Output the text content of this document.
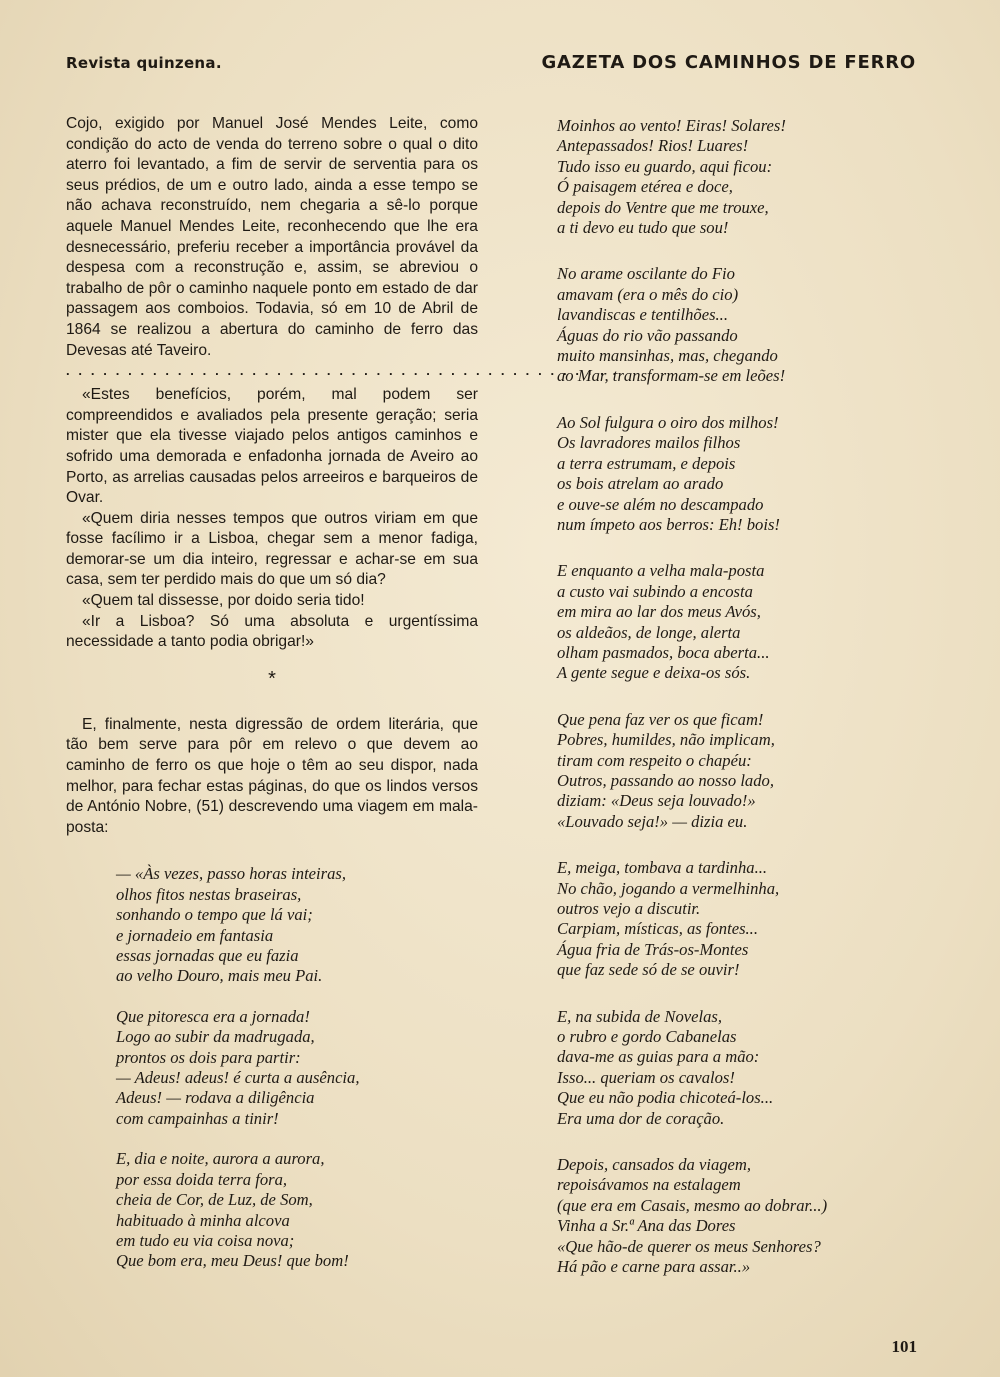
Revista quinzena.	GAZETA DOS CAMINHOS DE FERRO

Cojo, exigido por Manuel José Mendes Leite, como condição do acto de venda do terreno sobre o qual o dito aterro foi levantado, a fim de servir de serventia para os seus prédios, de um e outro lado, ainda a esse tempo se não achava reconstruído, nem chegaria a sê-lo porque aquele Manuel Mendes Leite, reconhecendo que lhe era desnecessário, preferiu receber a importância provável da despesa com a reconstrução e, assim, se abreviou o trabalho de pôr o caminho naquele ponto em estado de dar passagem aos comboios. Todavia, só em 10 de Abril de 1864 se realizou a abertura do caminho de ferro das Devesas até Taveiro.

. . . . . . . . . . . . . . . . . . . . . . . . . . . . . . . . . . . . . . . . . . . . .

«Estes benefícios, porém, mal podem ser compreendidos e avaliados pela presente geração; seria mister que ela tivesse viajado pelos antigos caminhos e sofrido uma demorada e enfadonha jornada de Aveiro ao Porto, as arrelias causadas pelos arreeiros e barqueiros de Ovar.

«Quem diria nesses tempos que outros viriam em que fosse facílimo ir a Lisboa, chegar sem a menor fadiga, demorar-se um dia inteiro, regressar e achar-se em sua casa, sem ter perdido mais do que um só dia?

«Quem tal dissesse, por doido seria tido!

«Ir a Lisboa? Só uma absoluta e urgentíssima necessidade a tanto podia obrigar!»

*

E, finalmente, nesta digressão de ordem literária, que tão bem serve para pôr em relevo o que devem ao caminho de ferro os que hoje o têm ao seu dispor, nada melhor, para fechar estas páginas, do que os lindos versos de António Nobre, (51) descrevendo uma viagem em mala-posta:

— «Às vezes, passo horas inteiras,
olhos fitos nestas braseiras,
sonhando o tempo que lá vai;
e jornadeio em fantasia
essas jornadas que eu fazia
ao velho Douro, mais meu Pai.
Que pitoresca era a jornada!
Logo ao subir da madrugada,
prontos os dois para partir:
— Adeus! adeus! é curta a ausência,
Adeus! — rodava a diligência
com campainhas a tinir!
E, dia e noite, aurora a aurora,
por essa doida terra fora,
cheia de Cor, de Luz, de Som,
habituado à minha alcova
em tudo eu via coisa nova;
Que bom era, meu Deus! que bom!
Moinhos ao vento! Eiras! Solares!
Antepassados! Rios! Luares!
Tudo isso eu guardo, aqui ficou:
Ó paisagem etérea e doce,
depois do Ventre que me trouxe,
a ti devo eu tudo que sou!
No arame oscilante do Fio
amavam (era o mês do cio)
lavandiscas e tentilhões...
Águas do rio vão passando
muito mansinhas, mas, chegando
ao Mar, transformam-se em leões!
Ao Sol fulgura o oiro dos milhos!
Os lavradores mailos filhos
a terra estrumam, e depois
os bois atrelam ao arado
e ouve-se além no descampado
num ímpeto aos berros: Eh! bois!
E enquanto a velha mala-posta
a custo vai subindo a encosta
em mira ao lar dos meus Avós,
os aldeãos, de longe, alerta
olham pasmados, boca aberta...
A gente segue e deixa-os sós.
Que pena faz ver os que ficam!
Pobres, humildes, não implicam,
tiram com respeito o chapéu:
Outros, passando ao nosso lado,
diziam: «Deus seja louvado!»
«Louvado seja!» — dizia eu.
E, meiga, tombava a tardinha...
No chão, jogando a vermelhinha,
outros vejo a discutir.
Carpiam, místicas, as fontes...
Água fria de Trás-os-Montes
que faz sede só de se ouvir!
E, na subida de Novelas,
o rubro e gordo Cabanelas
dava-me as guias para a mão:
Isso... queriam os cavalos!
Que eu não podia chicoteá-los...
Era uma dor de coração.
Depois, cansados da viagem,
repoisávamos na estalagem
(que era em Casais, mesmo ao dobrar...)
Vinha a Sr.ª Ana das Dores
«Que hão-de querer os meus Senhores?
Há pão e carne para assar..»
101
